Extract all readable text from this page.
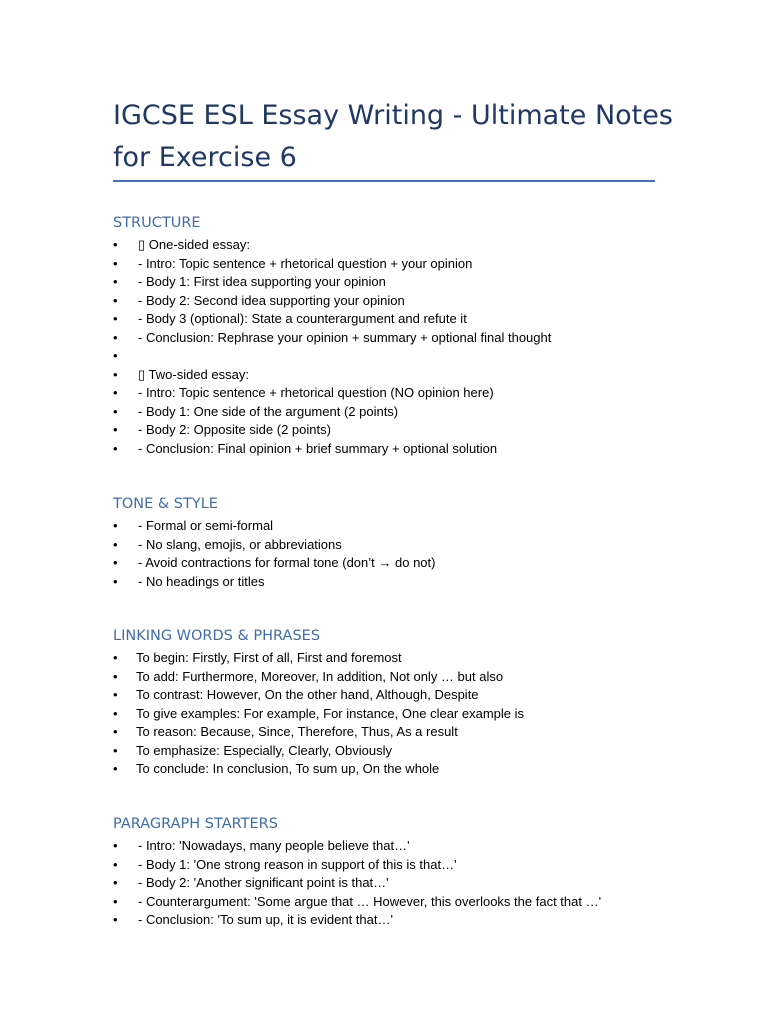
IGCSE ESL Essay Writing - Ultimate Notes for Exercise 6
STRUCTURE
• ▯ One-sided essay:
• - Intro: Topic sentence + rhetorical question + your opinion
• - Body 1: First idea supporting your opinion
• - Body 2: Second idea supporting your opinion
• - Body 3 (optional): State a counterargument and refute it
• - Conclusion: Rephrase your opinion + summary + optional final thought
•
• ▯ Two-sided essay:
• - Intro: Topic sentence + rhetorical question (NO opinion here)
• - Body 1: One side of the argument (2 points)
• - Body 2: Opposite side (2 points)
• - Conclusion: Final opinion + brief summary + optional solution
TONE & STYLE
• - Formal or semi-formal
• - No slang, emojis, or abbreviations
• - Avoid contractions for formal tone (don’t → do not)
• - No headings or titles
LINKING WORDS & PHRASES
• To begin: Firstly, First of all, First and foremost
• To add: Furthermore, Moreover, In addition, Not only … but also
• To contrast: However, On the other hand, Although, Despite
• To give examples: For example, For instance, One clear example is
• To reason: Because, Since, Therefore, Thus, As a result
• To emphasize: Especially, Clearly, Obviously
• To conclude: In conclusion, To sum up, On the whole
PARAGRAPH STARTERS
• - Intro: 'Nowadays, many people believe that…'
• - Body 1: 'One strong reason in support of this is that…'
• - Body 2: 'Another significant point is that…'
• - Counterargument: 'Some argue that … However, this overlooks the fact that …'
• - Conclusion: 'To sum up, it is evident that…'
